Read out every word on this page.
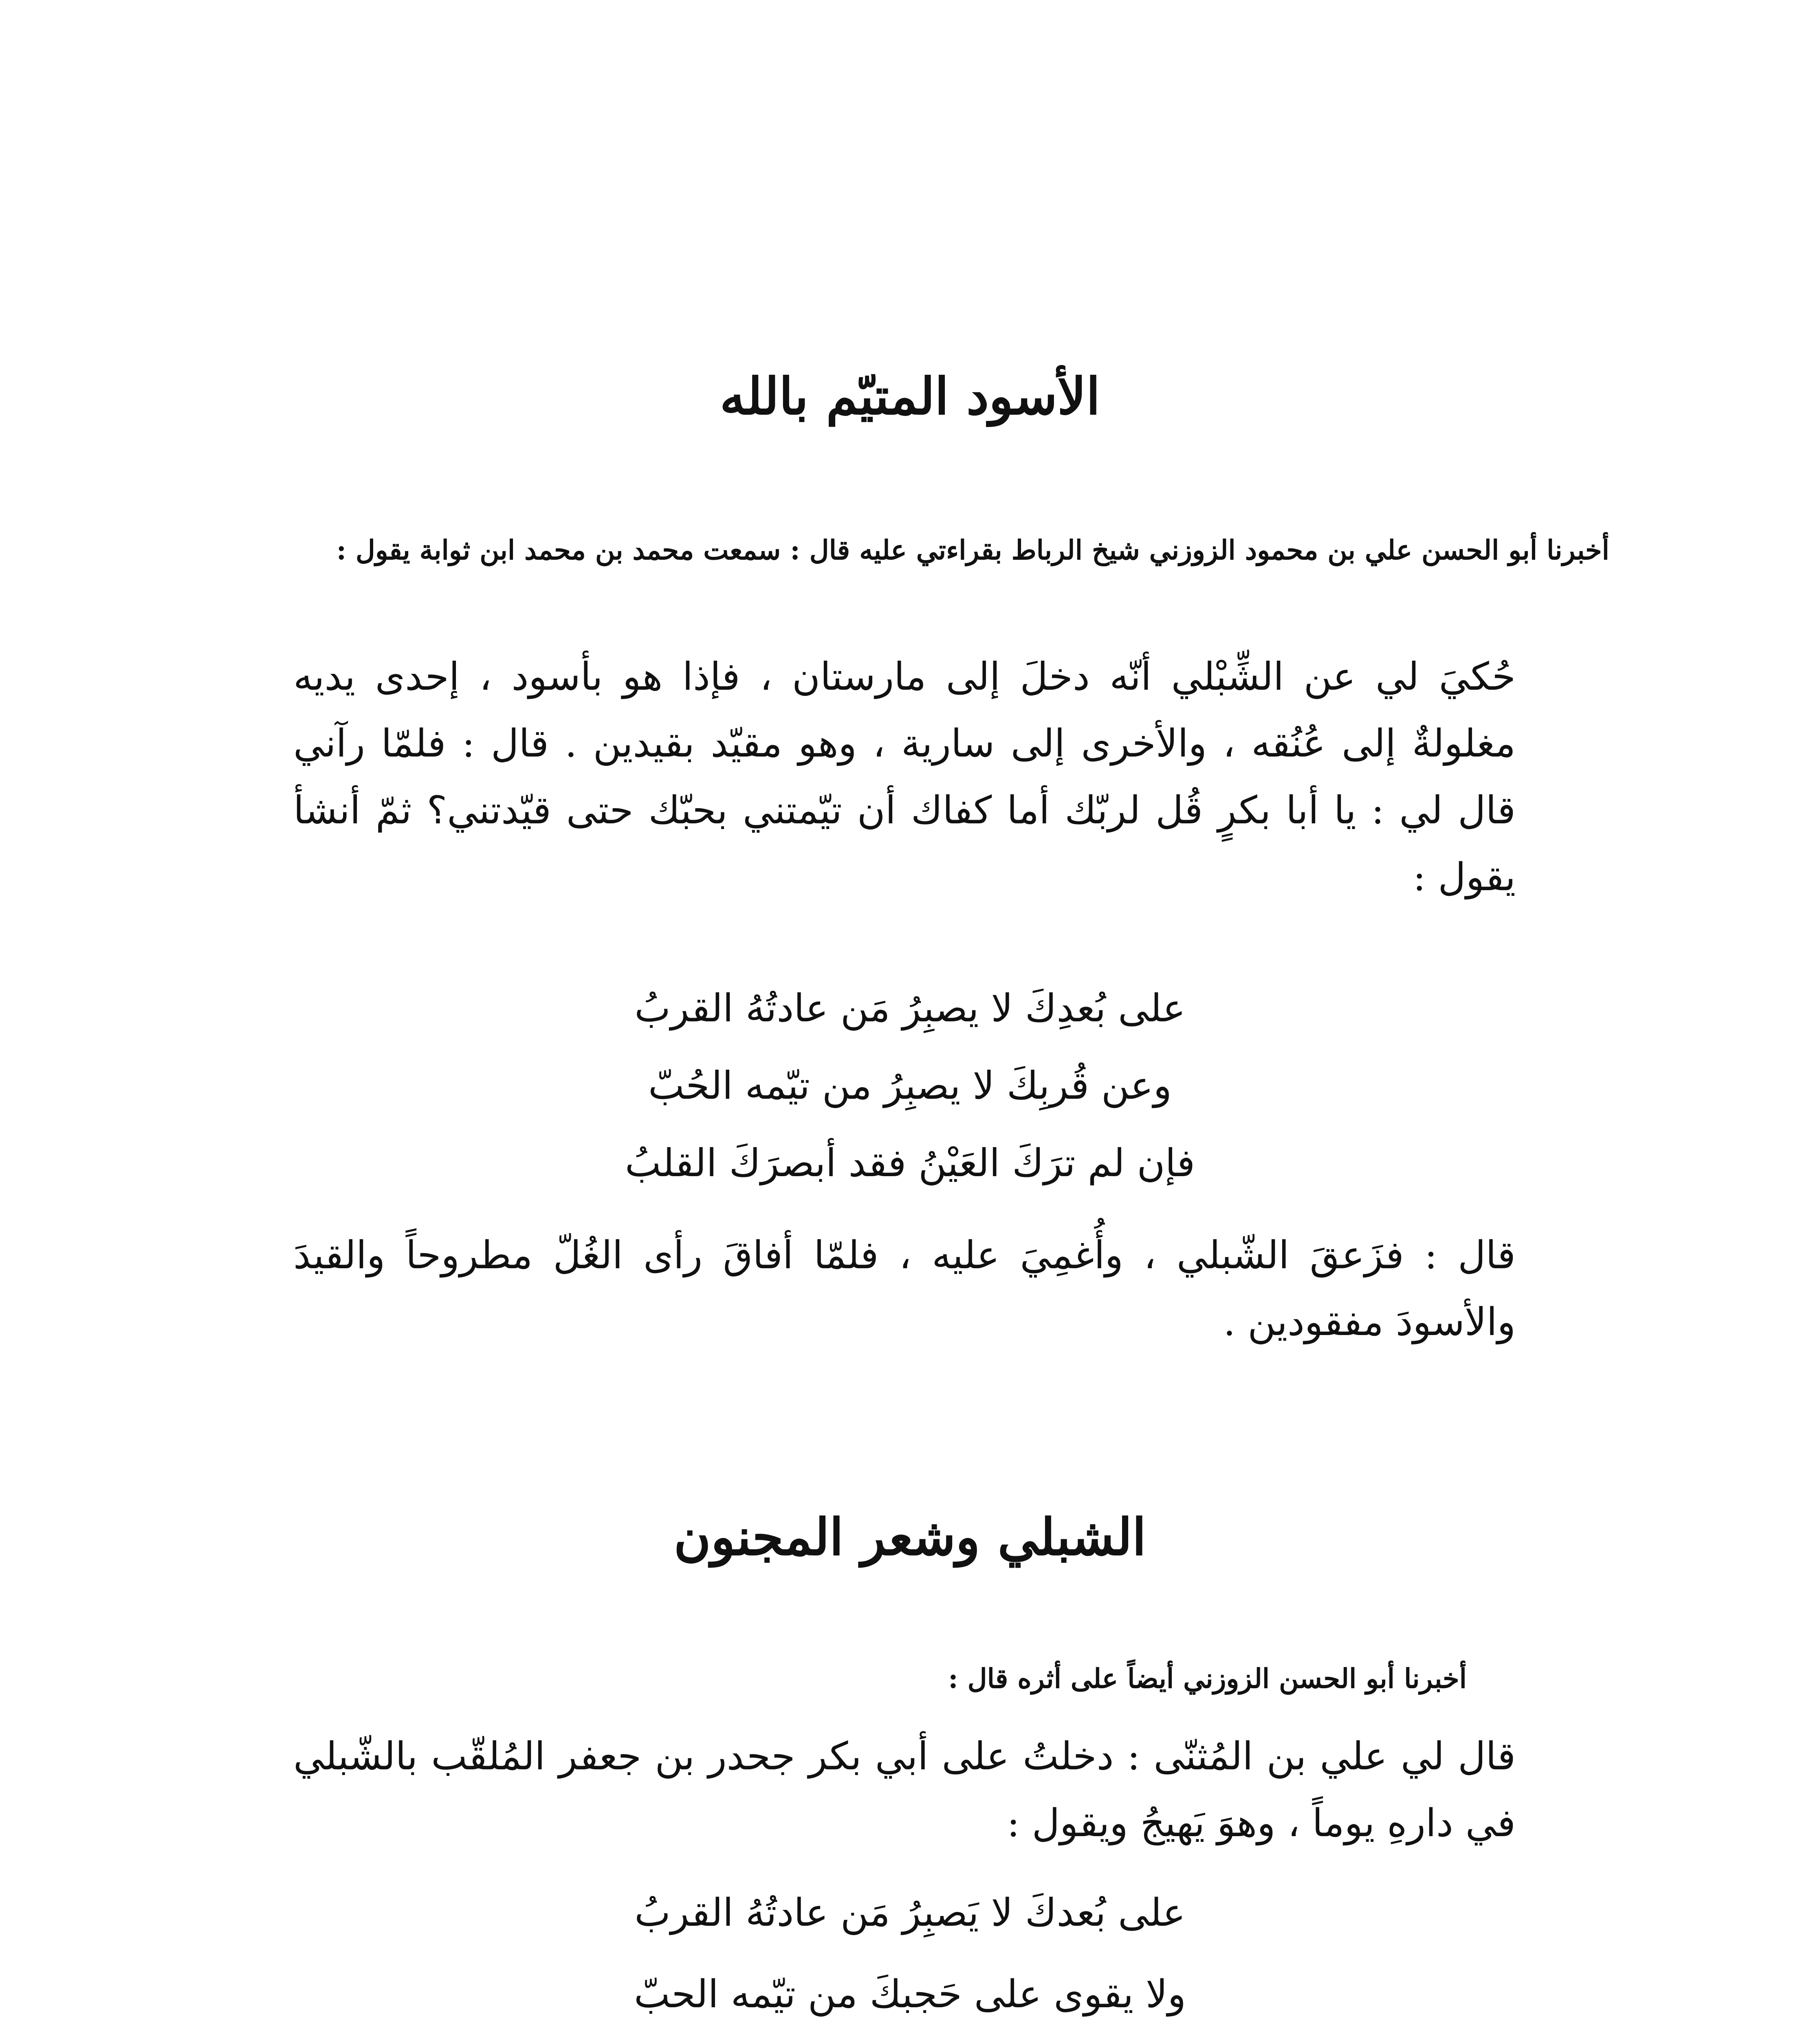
الأسود المتيّم بالله
أخبرنا أبو الحسن علي بن محمود الزوزني شيخ الرباط بقراءتي عليه قال : سمعت محمد بن محمد ابن ثوابة يقول :
حُكيَ لي عن الشِّبْلي أنّه دخلَ إلى مارستان ، فإذا هو بأسود ، إحدى يديه مغلولةٌ إلى عُنُقه ، والأخرى إلى سارية ، وهو مقيّد بقيدين . قال : فلمّا رآني قال لي : يا أبا بكرٍ قُل لربّك أما كفاك أن تيّمتني بحبّك حتى قيّدتني؟ ثمّ أنشأ يقول :
على بُعدِكَ لا يصبِرُ مَن عادتُهُ القربُ
وعن قُربِكَ لا يصبِرُ من تيّمه الحُبّ
فإن لم ترَكَ العَيْنُ فقد أبصرَكَ القلبُ
قال : فزَعقَ الشّبلي ، وأُغمِيَ عليه ، فلمّا أفاقَ رأى الغُلّ مطروحاً والقيدَ والأسودَ مفقودين .
الشبلي وشعر المجنون
أخبرنا أبو الحسن الزوزني أيضاً على أثره قال :
قال لي علي بن المُثنّى : دخلتُ على أبي بكر جحدر بن جعفر المُلقّب بالشّبلي في دارهِ يوماً ، وهوَ يَهيجُ ويقول :
على بُعدكَ لا يَصبِرُ مَن عادتُهُ القربُ
ولا يقوى على حَجبكَ من تيّمه الحبّ
